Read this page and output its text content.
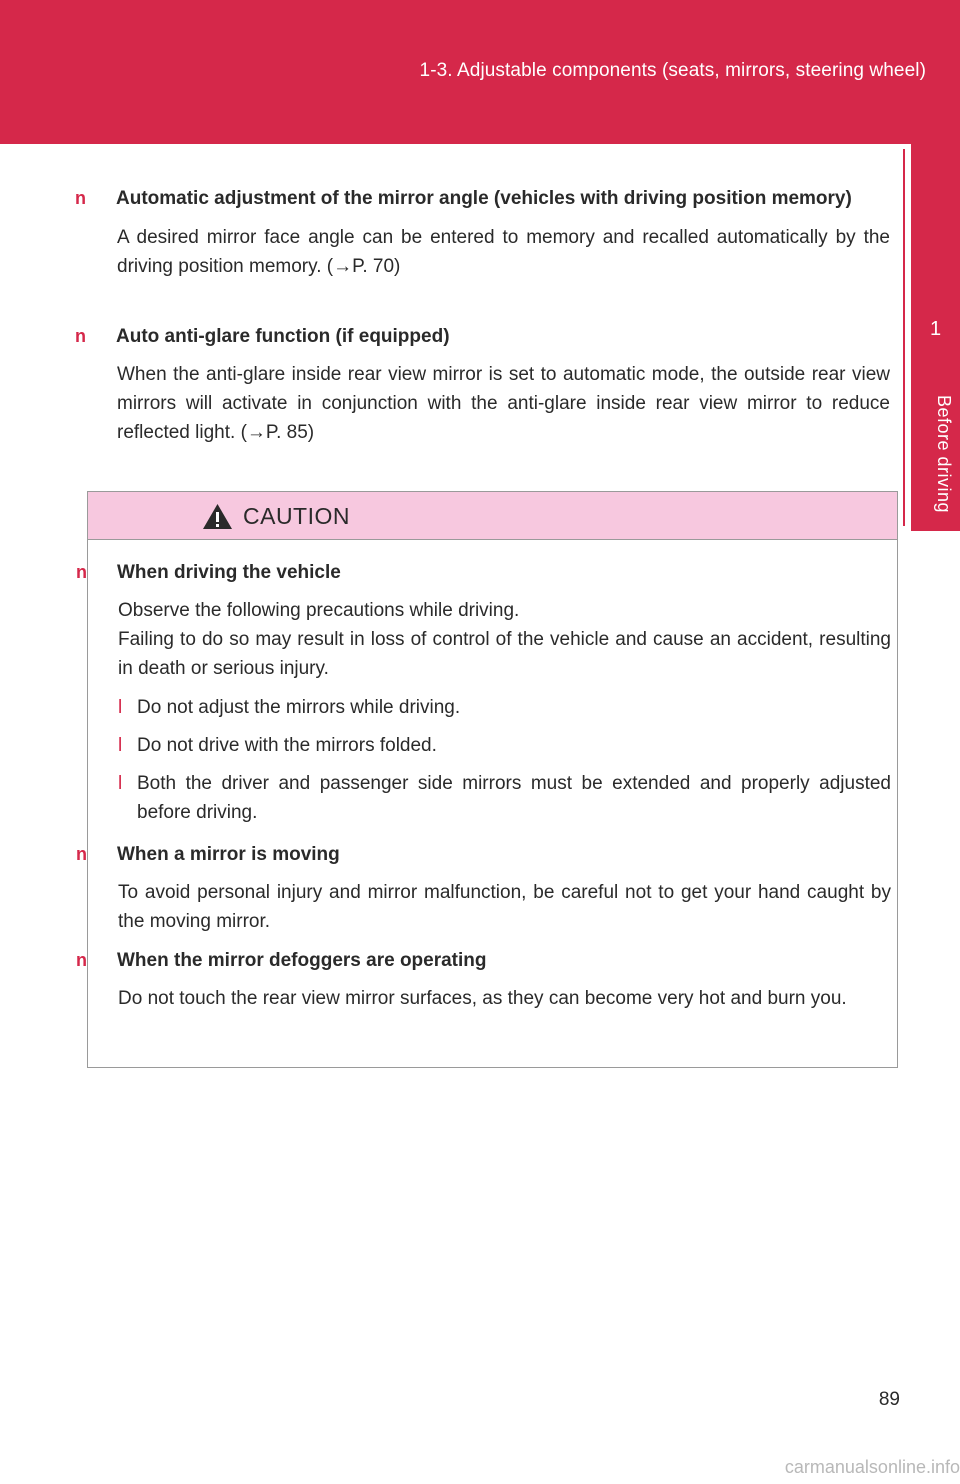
1-3. Adjustable components (seats, mirrors, steering wheel)
1
Before driving
n Automatic adjustment of the mirror angle (vehicles with driving position memory)
A desired mirror face angle can be entered to memory and recalled automatically by the driving position memory. (→P. 70)
n Auto anti-glare function (if equipped)
When the anti-glare inside rear view mirror is set to automatic mode, the outside rear view mirrors will activate in conjunction with the anti-glare inside rear view mirror to reduce reflected light. (→P. 85)
CAUTION
n When driving the vehicle
Observe the following precautions while driving.
Failing to do so may result in loss of control of the vehicle and cause an accident, resulting in death or serious injury.
l Do not adjust the mirrors while driving.
l Do not drive with the mirrors folded.
l Both the driver and passenger side mirrors must be extended and properly adjusted before driving.
n When a mirror is moving
To avoid personal injury and mirror malfunction, be careful not to get your hand caught by the moving mirror.
n When the mirror defoggers are operating
Do not touch the rear view mirror surfaces, as they can become very hot and burn you.
89
carmanualsonline.info
